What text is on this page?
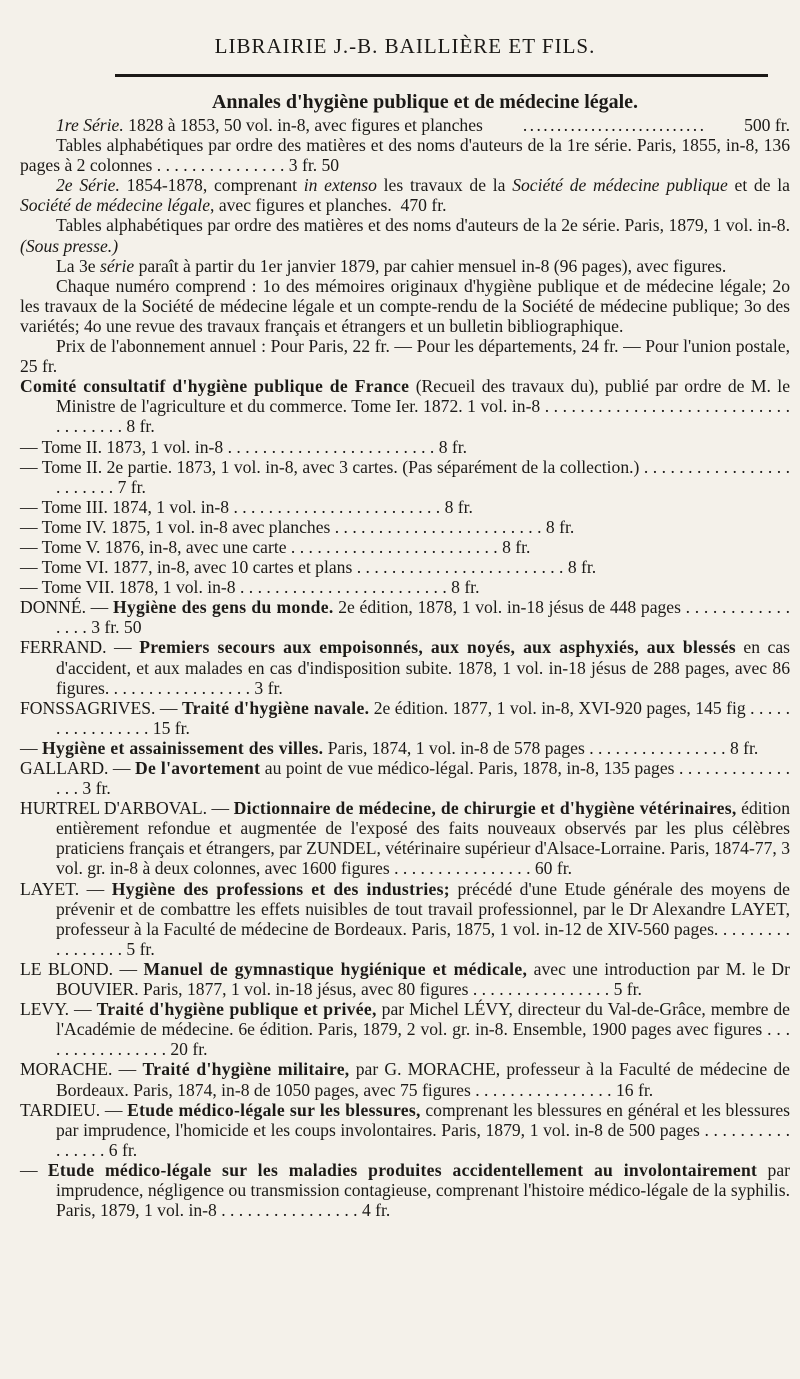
LIBRAIRIE J.-B. BAILLIÈRE ET FILS.
Annales d'hygiène publique et de médecine légale.
1re Série. 1828 à 1853, 50 vol. in-8, avec figures et planches
. . .	500 fr.
Tables alphabétiques par ordre des matières et des noms d'auteurs de la 1re série. Paris, 1855, in-8, 136 pages à 2 colonnes . . . . . . . . . . . . . . . 3 fr. 50
2e Série. 1854-1878, comprenant in extenso les travaux de la Société de médecine publique et de la Société de médecine légale, avec figures et planches. 470 fr.
Tables alphabétiques par ordre des matières et des noms d'auteurs de la 2e série. Paris, 1879, 1 vol. in-8. (Sous presse.)
La 3e série paraît à partir du 1er janvier 1879, par cahier mensuel in-8 (96 pages), avec figures.
Chaque numéro comprend : 1o des mémoires originaux d'hygiène publique et de médecine légale; 2o les travaux de la Société de médecine légale et un compte-rendu de la Société de médecine publique; 3o des variétés; 4o une revue des travaux français et étrangers et un bulletin bibliographique.
Prix de l'abonnement annuel : Pour Paris, 22 fr. — Pour les départements, 24 fr. — Pour l'union postale, 25 fr.
Comité consultatif d'hygiène publique de France (Recueil des travaux du), publié par ordre de M. le Ministre de l'agriculture et du commerce. Tome Ier. 1872. 1 vol. in-8 . . . . . . . . . . . . . . . . . . . . . . . . . . . . . . . . . . . . 8 fr.
— Tome II. 1873, 1 vol. in-8 . . . . . . . . . . . . . . . . . . . . . . . . 8 fr.
— Tome II. 2e partie. 1873, 1 vol. in-8, avec 3 cartes. (Pas séparément de la collection.) . . . . . . . . . . . . . . . . . . . . . . . . 7 fr.
— Tome III. 1874, 1 vol. in-8 . . . . . . . . . . . . . . . . . . . . . . . . 8 fr.
— Tome IV. 1875, 1 vol. in-8 avec planches . . . . . . . . . . . . . . . . . . . . . . . . 8 fr.
— Tome V. 1876, in-8, avec une carte . . . . . . . . . . . . . . . . . . . . . . . . 8 fr.
— Tome VI. 1877, in-8, avec 10 cartes et plans . . . . . . . . . . . . . . . . . . . . . . . . 8 fr.
— Tome VII. 1878, 1 vol. in-8 . . . . . . . . . . . . . . . . . . . . . . . . 8 fr.
DONNÉ. — Hygiène des gens du monde. 2e édition, 1878, 1 vol. in-18 jésus de 448 pages . . . . . . . . . . . . . . . . 3 fr. 50
FERRAND. — Premiers secours aux empoisonnés, aux noyés, aux asphyxiés, aux blessés en cas d'accident, et aux malades en cas d'indisposition subite. 1878, 1 vol. in-18 jésus de 288 pages, avec 86 figures. . . . . . . . . . . . . . . . . 3 fr.
FONSSAGRIVES. — Traité d'hygiène navale. 2e édition. 1877, 1 vol. in-8, XVI-920 pages, 145 fig . . . . . . . . . . . . . . . . 15 fr.
— Hygiène et assainissement des villes. Paris, 1874, 1 vol. in-8 de 578 pages . . . . . . . . . . . . . . . . 8 fr.
GALLARD. — De l'avortement au point de vue médico-légal. Paris, 1878, in-8, 135 pages . . . . . . . . . . . . . . . . 3 fr.
HURTREL D'ARBOVAL. — Dictionnaire de médecine, de chirurgie et d'hygiène vétérinaires, édition entièrement refondue et augmentée de l'exposé des faits nouveaux observés par les plus célèbres praticiens français et étrangers, par ZUNDEL, vétérinaire supérieur d'Alsace-Lorraine. Paris, 1874-77, 3 vol. gr. in-8 à deux colonnes, avec 1600 figures . . . . . . . . . . . . . . . . 60 fr.
LAYET. — Hygiène des professions et des industries; précédé d'une Etude générale des moyens de prévenir et de combattre les effets nuisibles de tout travail professionnel, par le Dr Alexandre LAYET, professeur à la Faculté de médecine de Bordeaux. Paris, 1875, 1 vol. in-12 de XIV-560 pages. . . . . . . . . . . . . . . . . 5 fr.
LE BLOND. — Manuel de gymnastique hygiénique et médicale, avec une introduction par M. le Dr BOUVIER. Paris, 1877, 1 vol. in-18 jésus, avec 80 figures . . . . . . . . . . . . . . . . 5 fr.
LEVY. — Traité d'hygiène publique et privée, par Michel LÉVY, directeur du Val-de-Grâce, membre de l'Académie de médecine. 6e édition. Paris, 1879, 2 vol. gr. in-8. Ensemble, 1900 pages avec figures . . . . . . . . . . . . . . . . 20 fr.
MORACHE. — Traité d'hygiène militaire, par G. MORACHE, professeur à la Faculté de médecine de Bordeaux. Paris, 1874, in-8 de 1050 pages, avec 75 figures . . . . . . . . . . . . . . . . 16 fr.
TARDIEU. — Etude médico-légale sur les blessures, comprenant les blessures en général et les blessures par imprudence, l'homicide et les coups involontaires. Paris, 1879, 1 vol. in-8 de 500 pages . . . . . . . . . . . . . . . . 6 fr.
— Etude médico-légale sur les maladies produites accidentellement au involontairement par imprudence, négligence ou transmission contagieuse, comprenant l'histoire médico-légale de la syphilis. Paris, 1879, 1 vol. in-8 . . . . . . . . . . . . . . . . 4 fr.
